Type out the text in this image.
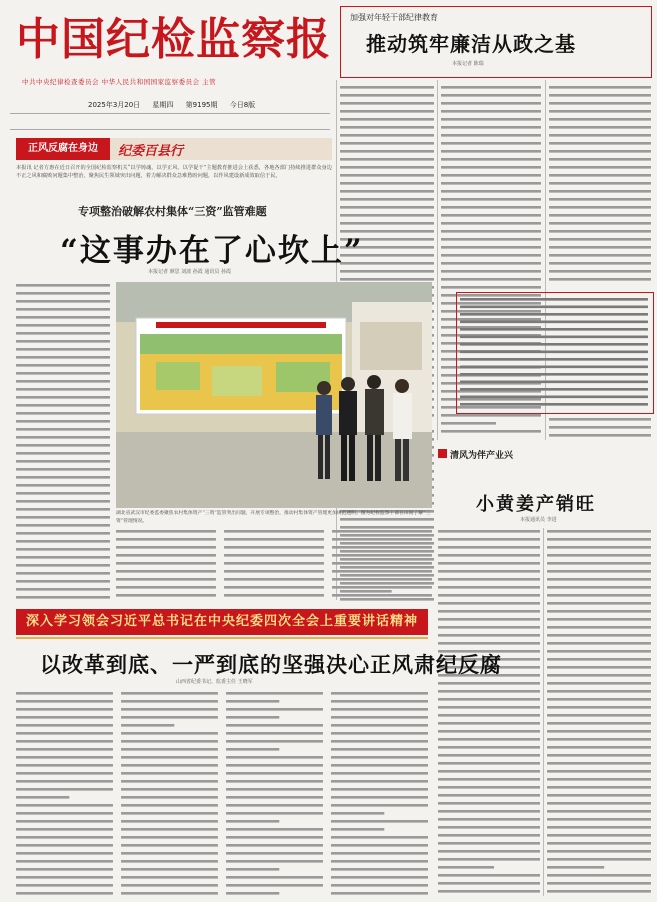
中国纪检监察报
中共中央纪律检查委员会 中华人民共和国国家监察委员会 主管
2025年3月20日 星期四 第9195期 今日8版
加强对年轻干部纪律教育
推动筑牢廉洁从政之基
本报记者 陈瑞
正风反腐在身边	纪委百县行
本报讯 记者方惠在近日召开的全国纪检监察机关“以学铸魂、以学正风、以学促干”主题教育推进会上获悉，各地各部门持续推进群众身边不正之风和腐败问题集中整治，聚焦民生领域突出问题，着力解决群众急难愁盼问题，以作风建设新成效取信于民。
专项整治破解农村集体“三资”监管难题
“这事办在了心坎上”
本报记者 颜思 刘波 孙霞 通讯员 孙霞
湖北省武汉市纪委监委聚焦农村集体资产“三资”监管突出问题，开展专项整治，推动村集体资产管理更加规范透明。图为纪检监察干部在田间了解“三资”管理情况。
清风为伴产业兴
小黄姜产销旺
本报通讯员 李进
深入学习领会习近平总书记在中央纪委四次全会上重要讲话精神
以改革到底、一严到底的坚强决心正风肃纪反腐
山西省纪委书记、监委主任 王晓军
